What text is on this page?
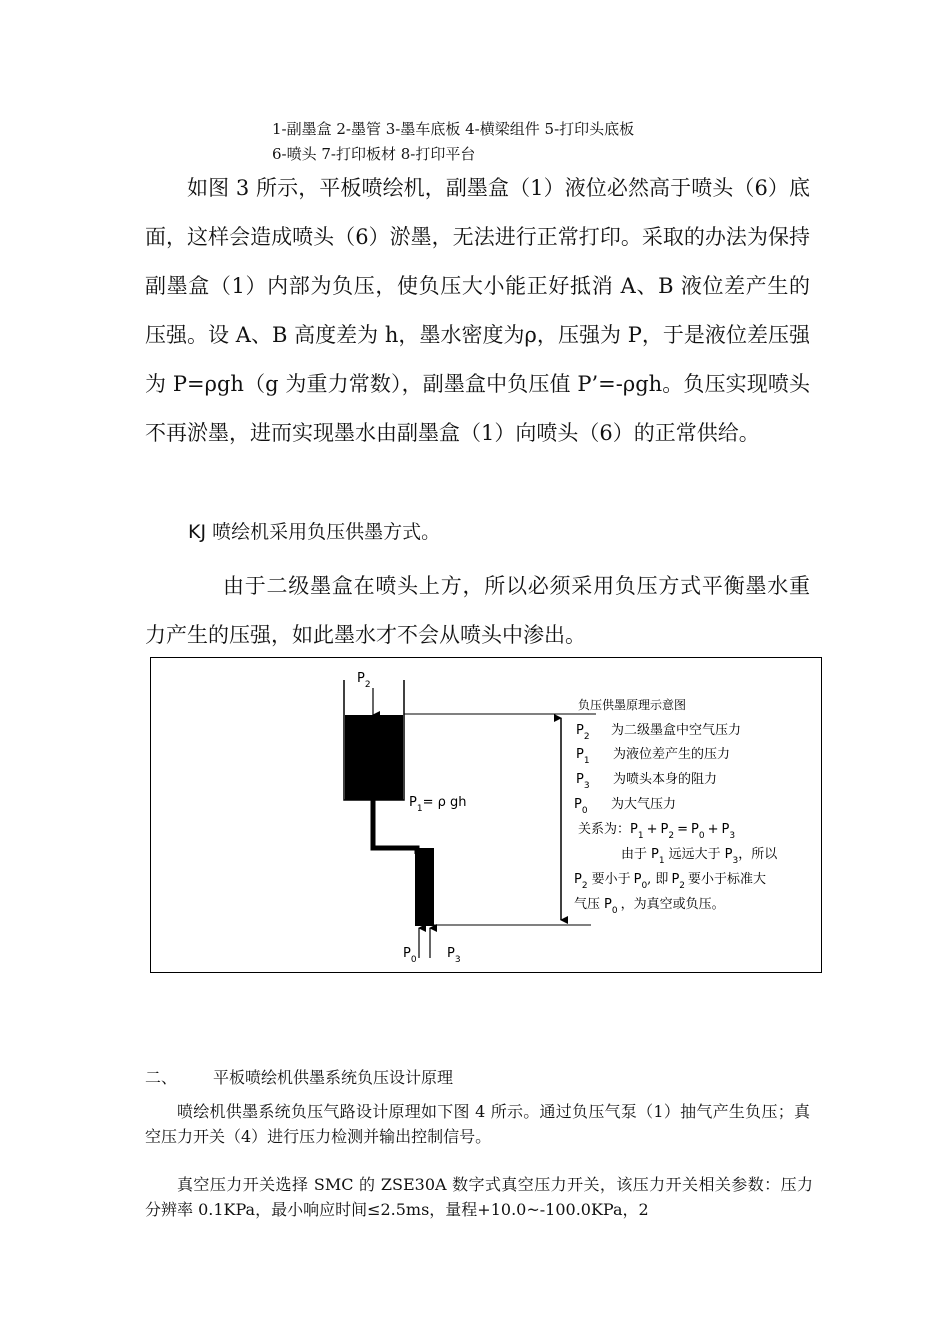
1-副墨盒 2-墨管 3-墨车底板 4-横梁组件 5-打印头底板
6-喷头 7-打印板材 8-打印平台

如图 3 所示，平板喷绘机，副墨盒（1）液位必然高于喷头（6）底面，这样会造成喷头（6）淤墨，无法进行正常打印。采取的办法为保持副墨盒（1）内部为负压，使负压大小能正好抵消 A、B 液位差产生的压强。设 A、B 高度差为 h，墨水密度为ρ，压强为 P，于是液位差压强为 P=ρgh（g 为重力常数），副墨盒中负压值 P’=-ρgh。负压实现喷头不再淤墨，进而实现墨水由副墨盒（1）向喷头（6）的正常供给。

KJ 喷绘机采用负压供墨方式。

由于二级墨盒在喷头上方，所以必须采用负压方式平衡墨水重力产生的压强，如此墨水才不会从喷头中渗出。

$P_2$
$P_1= \rho$ gh
$P_0$ $P_3$
负压供墨原理示意图
$P_2$ 为二级墨盒中空气压力
$P_1$ 为液位差产生的压力
$P_3$ 为喷头本身的阻力
$P_0$ 为大气压力
关系为：$P_1 + P_2 = P_0 + P_3$
由于 $P_1$ 远远大于 $P_3$，所以
$P_2$ 要小于 $P_0$, 即 $P_2$ 要小于标准大
气压 $P_0$ ，为真空或负压。
二、 平板喷绘机供墨系统负压设计原理

喷绘机供墨系统负压气路设计原理如下图 4 所示。通过负压气泵（1）抽气产生负压；真空压力开关（4）进行压力检测并输出控制信号。

真空压力开关选择 SMC 的 ZSE30A 数字式真空压力开关，该压力开关相关参数：压力分辨率 0.1KPa，最小响应时间≤2.5ms，量程+10.0~-100.0KPa，2
